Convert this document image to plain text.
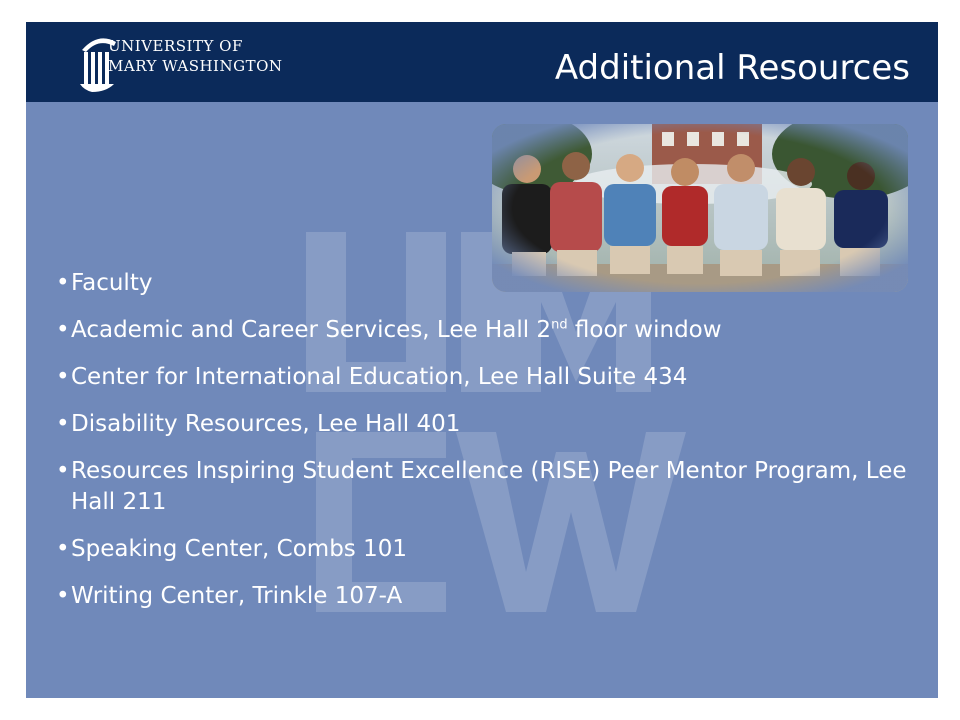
UNIVERSITY OF
MARY WASHINGTON	Additional Resources
• Faculty
• Academic and Career Services, Lee Hall 2nd floor window
• Center for International Education, Lee Hall Suite 434
• Disability Resources, Lee Hall 401
• Resources Inspiring Student Excellence (RISE) Peer Mentor Program, Lee Hall 211
• Speaking Center, Combs 101
• Writing Center, Trinkle 107-A
